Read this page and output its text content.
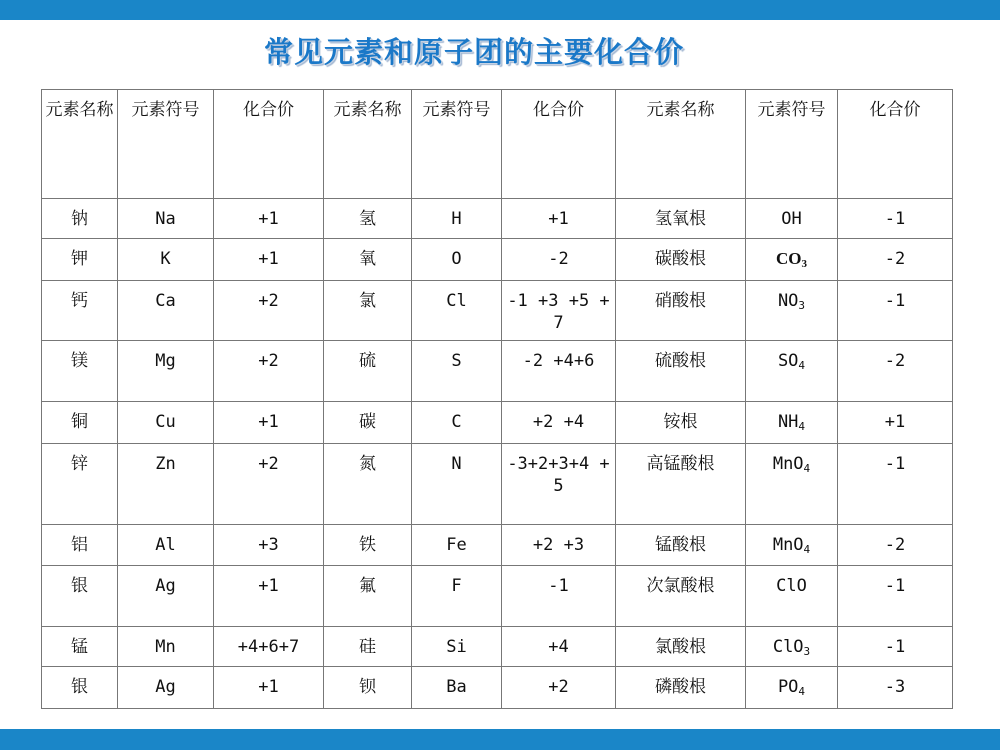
常见元素和原子团的主要化合价
元素名称	元素符号	化合价	元素名称	元素符号	化合价	元素名称	元素符号	化合价
钠	Na	+1	氢	H	+1	氢氧根	OH	-1
钾	K	+1	氧	O	-2	碳酸根	$CO_3$	-2
钙	Ca	+2	氯	Cl	-1 +3 +5 +7	硝酸根	$NO_3$	-1
镁	Mg	+2	硫	S	-2 +4+6	硫酸根	$SO_4$	-2
铜	Cu	+1	碳	C	+2 +4	铵根	$NH_4$	+1
锌	Zn	+2	氮	N	-3+2+3+4 +5	高锰酸根	MnO$_4$	-1
铝	Al	+3	铁	Fe	+2 +3	锰酸根	MnO$_4$	-2
银	Ag	+1	氟	F	-1	次氯酸根	ClO	-1
锰	Mn	+4+6+7	硅	Si	+4	氯酸根	ClO$_3$	-1
银	Ag	+1	钡	Ba	+2	磷酸根	$PO_4$	-3
